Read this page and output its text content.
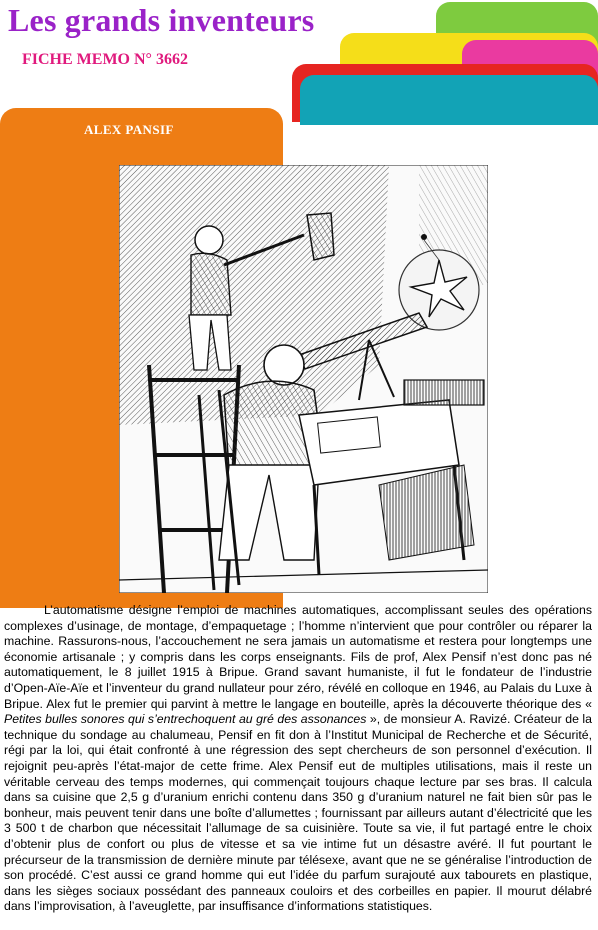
Les grands inventeurs
FICHE MEMO N° 3662
ALEX PANSIF

L’automatisme désigne l’emploi de machines automatiques, accomplissant seules des opérations complexes d’usinage, de montage, d’empaquetage ; l’homme n’intervient que pour contrôler ou réparer la machine. Rassurons-nous, l’accouchement ne sera jamais un automatisme et restera pour longtemps une économie artisanale ; y compris dans les corps enseignants. Fils de prof, Alex Pensif n’est donc pas né automatiquement, le 8 juillet 1915 à Bripue. Grand savant humaniste, il fut le fondateur de l’industrie d’Open-Aïe-Aïe et l’inventeur du grand nullateur pour zéro, révélé en colloque en 1946, au Palais du Luxe à Bripue. Alex fut le premier qui parvint à mettre le langage en bouteille, après la découverte théorique des « Petites bulles sonores qui s’entrechoquent au gré des assonances », de monsieur A. Ravizé. Créateur de la technique du sondage au chalumeau, Pensif en fit don à l’Institut Municipal de Recherche et de Sécurité, régi par la loi, qui était confronté à une régression des sept chercheurs de son personnel d’exécution. Il rejoignit peu-après l’état-major de cette frime. Alex Pensif eut de multiples utilisations, mais il reste un véritable cerveau des temps modernes, qui commençait toujours chaque lecture par ses bras. Il calcula dans sa cuisine que 2,5 g d’uranium enrichi contenu dans 350 g d’uranium naturel ne fait bien sûr pas le bonheur, mais peuvent tenir dans une boîte d’allumettes ; fournissant par ailleurs autant d’électricité que les 3 500 t de charbon que nécessitait l’allumage de sa cuisinière. Toute sa vie, il fut partagé entre le choix d’obtenir plus de confort ou plus de vitesse et sa vie intime fut un désastre avéré. Il fut pourtant le précurseur de la transmission de dernière minute par télésexe, avant que ne se généralise l’introduction de son procédé. C’est aussi ce grand homme qui eut l’idée du parfum surajouté aux tabourets en plastique, dans les sièges sociaux possédant des panneaux couloirs et des corbeilles en papier. Il mourut délabré dans l’improvisation, à l’aveuglette, par insuffisance d’informations statistiques.
